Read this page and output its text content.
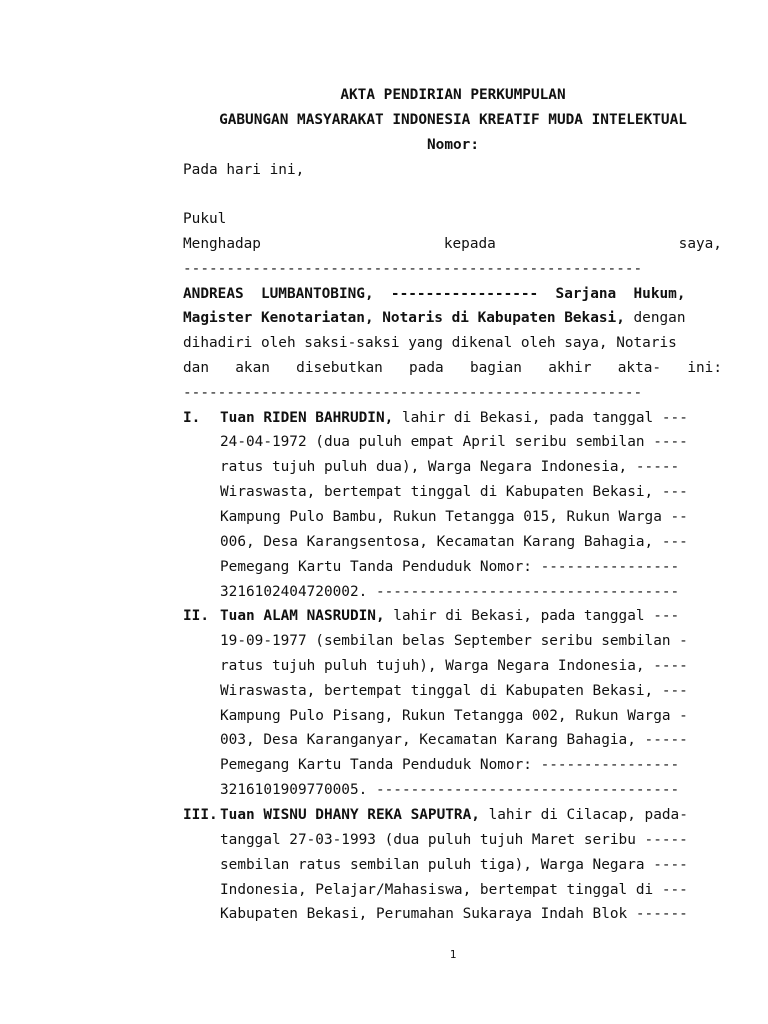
AKTA PENDIRIAN PERKUMPULAN
GABUNGAN MASYARAKAT INDONESIA KREATIF MUDA INTELEKTUAL
Nomor:
Pada hari ini,
Pukul
Menghadap	kepada	saya,
-----------------------------------------------------
ANDREAS  LUMBANTOBING,  -----------------  Sarjana  Hukum,
Magister Kenotariatan, Notaris di Kabupaten Bekasi, dengan
dihadiri oleh saksi-saksi yang dikenal oleh saya, Notaris
dan akan disebutkan pada bagian akhir akta- ini:
-----------------------------------------------------
I. Tuan RIDEN BAHRUDIN, lahir di Bekasi, pada tanggal ---
24-04-1972 (dua puluh empat April seribu sembilan ----
ratus tujuh puluh dua), Warga Negara Indonesia, -----
Wiraswasta, bertempat tinggal di Kabupaten Bekasi, ---
Kampung Pulo Bambu, Rukun Tetangga 015, Rukun Warga --
006, Desa Karangsentosa, Kecamatan Karang Bahagia, ---
Pemegang Kartu Tanda Penduduk Nomor: ----------------
3216102404720002. -----------------------------------
II. Tuan ALAM NASRUDIN, lahir di Bekasi, pada tanggal ---
19-09-1977 (sembilan belas September seribu sembilan -
ratus tujuh puluh tujuh), Warga Negara Indonesia, ----
Wiraswasta, bertempat tinggal di Kabupaten Bekasi, ---
Kampung Pulo Pisang, Rukun Tetangga 002, Rukun Warga -
003, Desa Karanganyar, Kecamatan Karang Bahagia, -----
Pemegang Kartu Tanda Penduduk Nomor: ----------------
3216101909770005. -----------------------------------
III. Tuan WISNU DHANY REKA SAPUTRA, lahir di Cilacap, pada-
tanggal 27-03-1993 (dua puluh tujuh Maret seribu -----
sembilan ratus sembilan puluh tiga), Warga Negara ----
Indonesia, Pelajar/Mahasiswa, bertempat tinggal di ---
Kabupaten Bekasi, Perumahan Sukaraya Indah Blok ------
1
